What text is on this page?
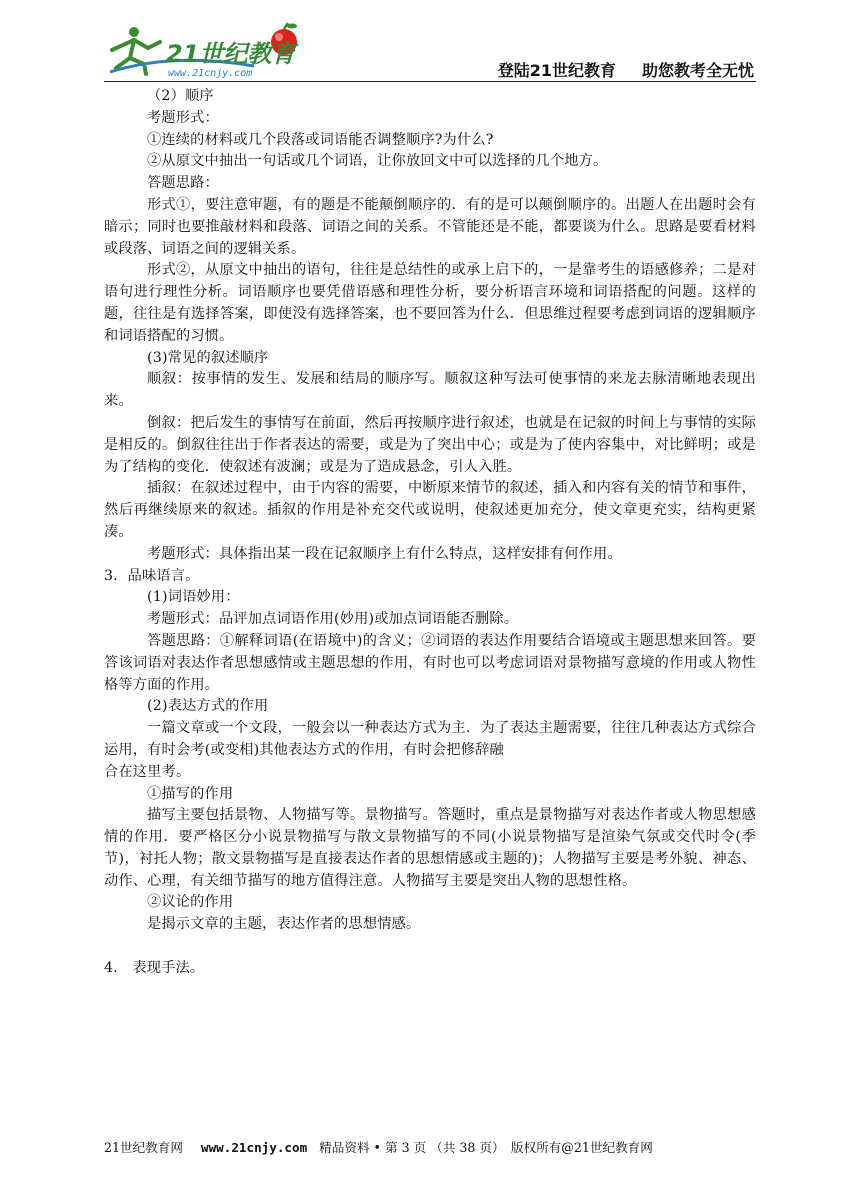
21世纪教育
www.21cnjy.com	登陆21世纪教育 助您教考全无忧

（2）顺序

考题形式：

①连续的材料或几个段落或词语能否调整顺序?为什么?

②从原文中抽出一句话或几个词语，让你放回文中可以选择的几个地方。

答题思路：

形式①，要注意审题，有的题是不能颠倒顺序的．有的是可以颠倒顺序的。出题人在出题时会有暗示；同时也要推敲材料和段落、词语之间的关系。不管能还是不能，都要谈为什么。思路是要看材料或段落、词语之间的逻辑关系。

形式②，从原文中抽出的语句，往往是总结性的或承上启下的，一是靠考生的语感修养；二是对语句进行理性分析。词语顺序也要凭借语感和理性分析，要分析语言环境和词语搭配的问题。这样的题，往往是有选择答案，即使没有选择答案，也不要回答为什么．但思维过程要考虑到词语的逻辑顺序和词语搭配的习惯。

(3)常见的叙述顺序

顺叙：按事情的发生、发展和结局的顺序写。顺叙这种写法可使事情的来龙去脉清晰地表现出来。

倒叙：把后发生的事情写在前面，然后再按顺序进行叙述，也就是在记叙的时间上与事情的实际是相反的。倒叙往往出于作者表达的需要，或是为了突出中心；或是为了使内容集中，对比鲜明；或是为了结构的变化．使叙述有波澜；或是为了造成悬念，引人入胜。

插叙：在叙述过程中，由于内容的需要，中断原来情节的叙述，插入和内容有关的情节和事件，然后再继续原来的叙述。插叙的作用是补充交代或说明，使叙述更加充分，使文章更充实，结构更紧凑。

考题形式：具体指出某一段在记叙顺序上有什么特点，这样安排有何作用。

3．品味语言。

(1)词语妙用：

考题形式：品评加点词语作用(妙用)或加点词语能否删除。

答题思路：①解释词语(在语境中)的含义；②词语的表达作用要结合语境或主题思想来回答。要答该词语对表达作者思想感情或主题思想的作用，有时也可以考虑词语对景物描写意境的作用或人物性格等方面的作用。

(2)表达方式的作用

一篇文章或一个文段，一般会以一种表达方式为主．为了表达主题需要，往往几种表达方式综合运用，有时会考(或变相)其他表达方式的作用，有时会把修辞融

合在这里考。

①描写的作用

描写主要包括景物、人物描写等。景物描写。答题时，重点是景物描写对表达作者或人物思想感情的作用．要严格区分小说景物描写与散文景物描写的不同(小说景物描写是渲染气氛或交代时令(季节)，衬托人物；散文景物描写是直接表达作者的思想情感或主题的)；人物描写主要是考外貌、神态、动作、心理，有关细节描写的地方值得注意。人物描写主要是突出人物的思想性格。

②议论的作用

是揭示文章的主题，表达作者的思想情感。

4.　表现手法。

21世纪教育网 www.21cnjy.com 精品资料 • 第 3 页 （共 38 页）　 版权所有@21世纪教育网
